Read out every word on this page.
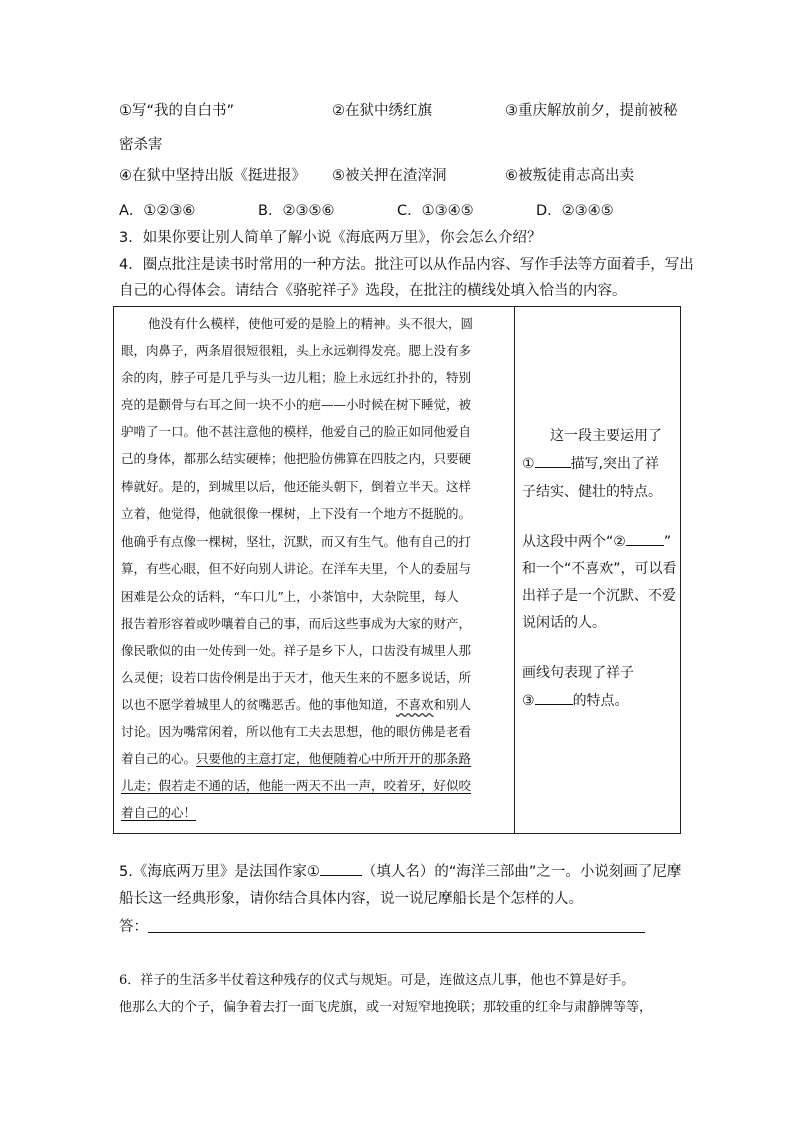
①写“我的自白书”	②在狱中绣红旗	③重庆解放前夕，提前被秘
密杀害
④在狱中坚持出版《挺进报》 ⑤被关押在渣滓洞	⑥被叛徒甫志高出卖
A．①②③⑥	B．②③⑤⑥	C．①③④⑤	D．②③④⑤
3．如果你要让别人简单了解小说《海底两万里》，你会怎么介绍？
4．圈点批注是读书时常用的一种方法。批注可以从作品内容、写作手法等方面着手，写出
自己的心得体会。请结合《骆驼祥子》选段，在批注的横线处填入恰当的内容。
他没有什么模样，使他可爱的是脸上的精神。头不很大，圆
眼，肉鼻子，两条眉很短很粗，头上永远剃得发亮。腮上没有多
余的肉，脖子可是几乎与头一边儿粗；脸上永远红扑扑的，特别
亮的是颧骨与右耳之间一块不小的疤——小时候在树下睡觉，被
驴啃了一口。他不甚注意他的模样，他爱自己的脸正如同他爱自
己的身体，都那么结实硬棒；他把脸仿佛算在四肢之内，只要硬
棒就好。是的，到城里以后，他还能头朝下，倒着立半天。这样
立着，他觉得，他就很像一棵树，上下没有一个地方不挺脱的。
他确乎有点像一棵树，坚壮，沉默，而又有生气。他有自己的打
算，有些心眼，但不好向别人讲论。在洋车夫里，个人的委屈与
困难是公众的话料，“车口儿”上，小茶馆中，大杂院里，每人
报告着形容着或吵嚷着自己的事，而后这些事成为大家的财产，
像民歌似的由一处传到一处。祥子是乡下人，口齿没有城里人那
么灵便；设若口齿伶俐是出于天才，他天生来的不愿多说话，所
以也不愿学着城里人的贫嘴恶舌。他的事他知道，不喜欢和别人
讨论。因为嘴常闲着，所以他有工夫去思想，他的眼仿佛是老看
着自己的心。只要他的主意打定，他便随着心中所开开的那条路
儿走；假若走不通的话，他能一两天不出一声，咬着牙，好似咬
着自己的心！
这一段主要运用了
①	描写,突出了祥
子结实、健壮的特点。
从这段中两个“②	”
和一个“不喜欢”，可以看
出祥子是一个沉默、不爱
说闲话的人。
画线句表现了祥子
③	的特点。
5.《海底两万里》是法国作家①	（填人名）的“海洋三部曲”之一。小说刻画了尼摩
船长这一经典形象，请你结合具体内容，说一说尼摩船长是个怎样的人。
答：
6．祥子的生活多半仗着这种残存的仪式与规矩。可是，连做这点儿事，他也不算是好手。
他那么大的个子，偏争着去打一面飞虎旗，或一对短窄地挽联；那较重的红伞与肃静牌等等，
